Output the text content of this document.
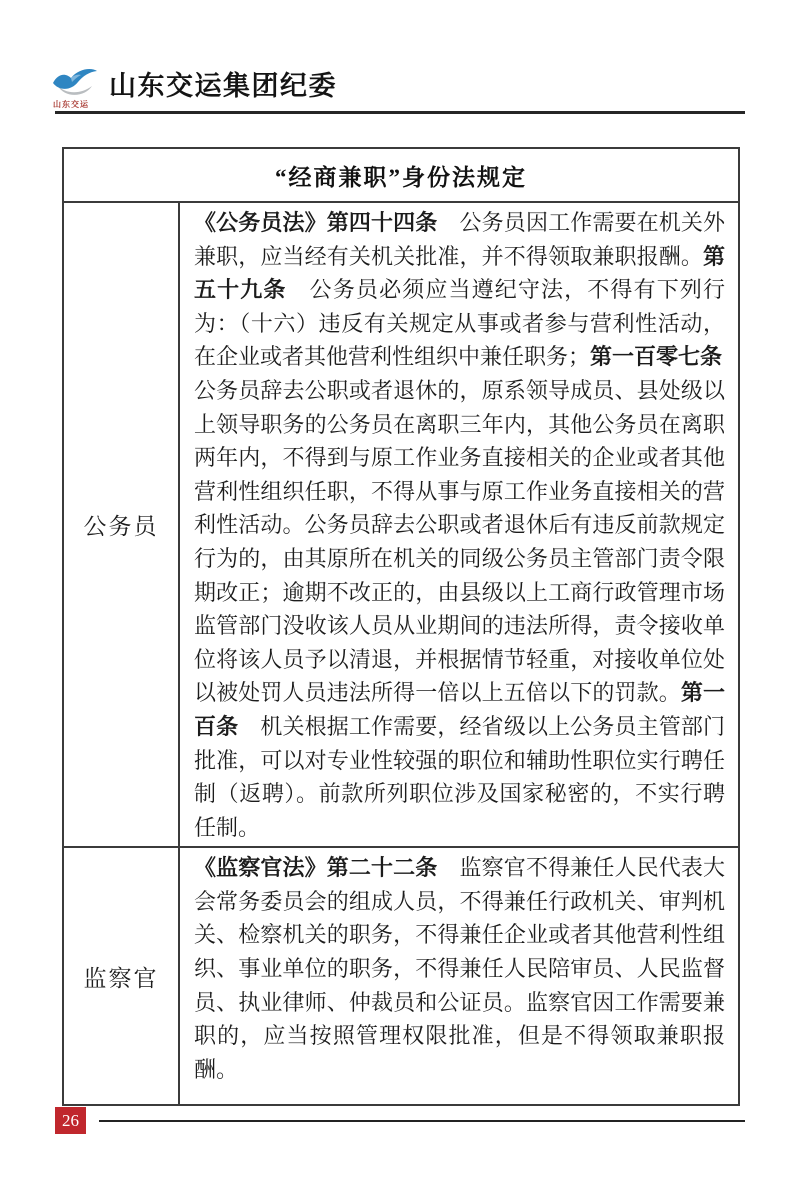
山东交运
山东交运集团纪委
“经商兼职”身份法规定
公务员
《公务员法》第四十四条　公务员因工作需要在机关外兼职，应当经有关机关批准，并不得领取兼职报酬。第五十九条　公务员必须应当遵纪守法，不得有下列行为：（十六）违反有关规定从事或者参与营利性活动，在企业或者其他营利性组织中兼任职务；第一百零七条　公务员辞去公职或者退休的，原系领导成员、县处级以上领导职务的公务员在离职三年内，其他公务员在离职两年内，不得到与原工作业务直接相关的企业或者其他营利性组织任职，不得从事与原工作业务直接相关的营利性活动。公务员辞去公职或者退休后有违反前款规定行为的，由其原所在机关的同级公务员主管部门责令限期改正；逾期不改正的，由县级以上工商行政管理市场监管部门没收该人员从业期间的违法所得，责令接收单位将该人员予以清退，并根据情节轻重，对接收单位处以被处罚人员违法所得一倍以上五倍以下的罚款。第一百条　机关根据工作需要，经省级以上公务员主管部门批准，可以对专业性较强的职位和辅助性职位实行聘任制（返聘）。前款所列职位涉及国家秘密的，不实行聘任制。
监察官
《监察官法》第二十二条　监察官不得兼任人民代表大会常务委员会的组成人员，不得兼任行政机关、审判机关、检察机关的职务，不得兼任企业或者其他营利性组织、事业单位的职务，不得兼任人民陪审员、人民监督员、执业律师、仲裁员和公证员。监察官因工作需要兼职的，应当按照管理权限批准，但是不得领取兼职报酬。
26
